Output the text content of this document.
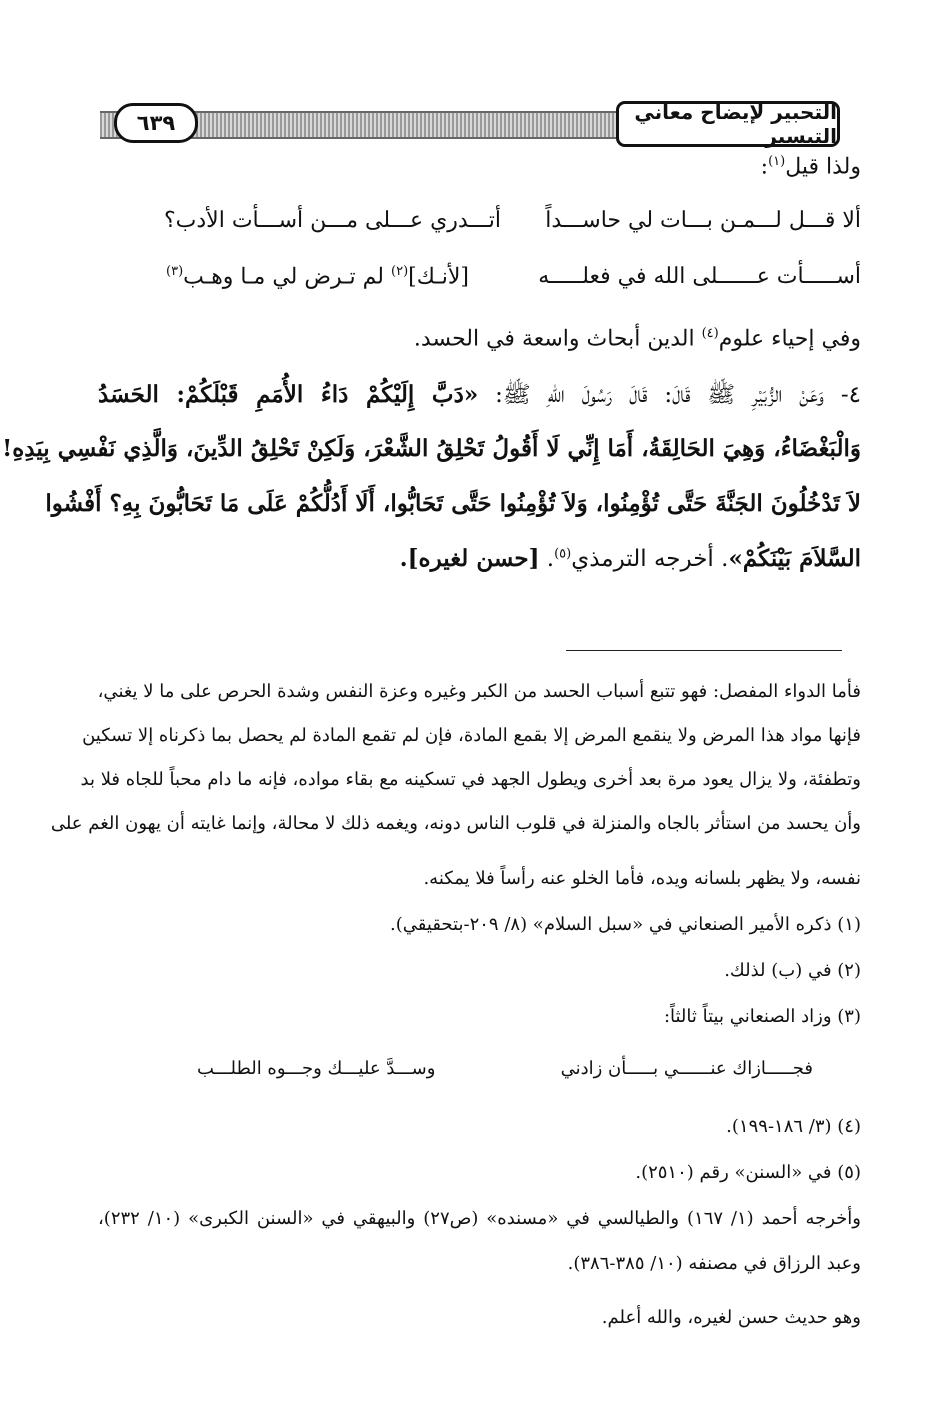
التحبير لإيضاح معاني التيسير
٦٣٩
ولذا قيل$^{(١)}$:
ألا قـــل لـــمـن بـــات لي حاســـداً
أتـــدري عـــلى مـــن أســـأت الأدب؟
أســـــأت عــــــلى الله في فعلـــــه
[لأنـك]$^{(٢)}$ لم تـرض لي مـا وهـب$^{(٣)}$
وفي إحياء علوم$^{(٤)}$ الدين أبحاث واسعة في الحسد.
٤- وَعَنْ الزُّبَيْرِ ﷺ قَالَ: قَالَ رَسُولَ اللهِ ﷺ: «دَبَّ إِلَيْكُمْ دَاءُ الأُمَمِ قَبْلَكُمْ: الحَسَدُ
وَالْبَغْضَاءُ، وَهِيَ الحَالِقَةُ، أَمَا إِنِّي لَا أَقُولُ تَحْلِقُ الشَّعْرَ، وَلَكِنْ تَحْلِقُ الدِّينَ، وَالَّذِي نَفْسِي بِيَدِهِ!
لاَ تَدْخُلُونَ الجَنَّةَ حَتَّى تُؤْمِنُوا، وَلاَ تُؤْمِنُوا حَتَّى تَحَابُّوا، أَلَا أَدُلُّكُمْ عَلَى مَا تَحَابُّونَ بِهِ؟ أَفْشُوا
السَّلاَمَ بَيْنَكُمْ». أخرجه الترمذي$^{(٥)}$. [حسن لغيره].
فأما الدواء المفصل: فهو تتبع أسباب الحسد من الكبر وغيره وعزة النفس وشدة الحرص على ما لا يغني،
فإنها مواد هذا المرض ولا ينقمع المرض إلا بقمع المادة، فإن لم تقمع المادة لم يحصل بما ذكرناه إلا تسكين
وتطفئة، ولا يزال يعود مرة بعد أخرى ويطول الجهد في تسكينه مع بقاء مواده، فإنه ما دام محباً للجاه فلا بد
وأن يحسد من استأثر بالجاه والمنزلة في قلوب الناس دونه، ويغمه ذلك لا محالة، وإنما غايته أن يهون الغم على
نفسه، ولا يظهر بلسانه ويده، فأما الخلو عنه رأساً فلا يمكنه.
(١) ذكره الأمير الصنعاني في «سبل السلام» (٨/ ٢٠٩-بتحقيقي).
(٢) في (ب) لذلك.
(٣) وزاد الصنعاني بيتاً ثالثاً:
فجـــــازاك عنــــــي بـــــأن زادني
وســـدَّ عليـــك وجـــوه الطلـــب
(٤) (٣/ ١٨٦-١٩٩).
(٥) في «السنن» رقم (٢٥١٠).
وأخرجه أحمد (١/ ١٦٧) والطيالسي في «مسنده» (ص٢٧) والبيهقي في «السنن الكبرى» (١٠/ ٢٣٢)،
وعبد الرزاق في مصنفه (١٠/ ٣٨٥-٣٨٦).
وهو حديث حسن لغيره، والله أعلم.
